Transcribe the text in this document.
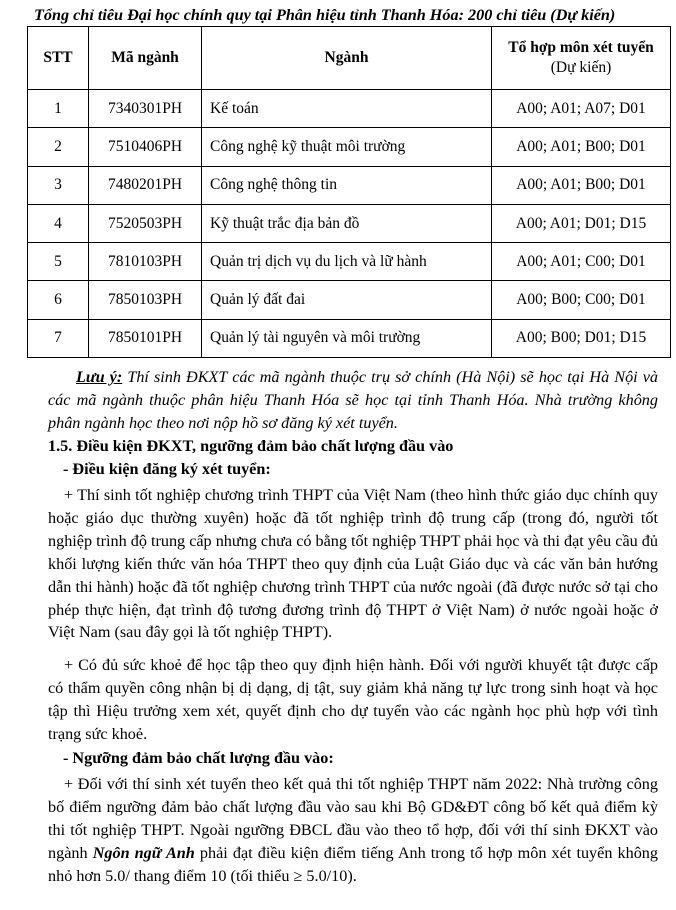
Tổng chỉ tiêu Đại học chính quy tại Phân hiệu tỉnh Thanh Hóa: 200 chỉ tiêu (Dự kiến)
STT	Mã ngành	Ngành	Tổ hợp môn xét tuyển
(Dự kiến)

1	7340301PH	Kế toán	A00; A01; A07; D01
2	7510406PH	Công nghệ kỹ thuật môi trường	A00; A01; B00; D01
3	7480201PH	Công nghệ thông tin	A00; A01; B00; D01
4	7520503PH	Kỹ thuật trắc địa bản đồ	A00; A01; D01; D15
5	7810103PH	Quản trị dịch vụ du lịch và lữ hành	A00; A01; C00; D01
6	7850103PH	Quản lý đất đai	A00; B00; C00; D01
7	7850101PH	Quản lý tài nguyên và môi trường	A00; B00; D01; D15
Lưu ý: Thí sinh ĐKXT các mã ngành thuộc trụ sở chính (Hà Nội) sẽ học tại Hà Nội và các mã ngành thuộc phân hiệu Thanh Hóa sẽ học tại tỉnh Thanh Hóa. Nhà trường không phân ngành học theo nơi nộp hồ sơ đăng ký xét tuyển.
1.5. Điều kiện ĐKXT, ngưỡng đảm bảo chất lượng đầu vào
- Điều kiện đăng ký xét tuyển:
+ Thí sinh tốt nghiệp chương trình THPT của Việt Nam (theo hình thức giáo dục chính quy hoặc giáo dục thường xuyên) hoặc đã tốt nghiệp trình độ trung cấp (trong đó, người tốt nghiệp trình độ trung cấp nhưng chưa có bằng tốt nghiệp THPT phải học và thi đạt yêu cầu đủ khối lượng kiến thức văn hóa THPT theo quy định của Luật Giáo dục và các văn bản hướng dẫn thi hành) hoặc đã tốt nghiệp chương trình THPT của nước ngoài (đã được nước sở tại cho phép thực hiện, đạt trình độ tương đương trình độ THPT ở Việt Nam) ở nước ngoài hoặc ở Việt Nam (sau đây gọi là tốt nghiệp THPT).
+ Có đủ sức khoẻ để học tập theo quy định hiện hành. Đối với người khuyết tật được cấp có thẩm quyền công nhận bị dị dạng, dị tật, suy giảm khả năng tự lực trong sinh hoạt và học tập thì Hiệu trưởng xem xét, quyết định cho dự tuyển vào các ngành học phù hợp với tình trạng sức khoẻ.
- Ngưỡng đảm bảo chất lượng đầu vào:
+ Đối với thí sinh xét tuyển theo kết quả thi tốt nghiệp THPT năm 2022: Nhà trường công bố điểm ngưỡng đảm bảo chất lượng đầu vào sau khi Bộ GD&ĐT công bố kết quả điểm kỳ thi tốt nghiệp THPT. Ngoài ngưỡng ĐBCL đầu vào theo tổ hợp, đối với thí sinh ĐKXT vào ngành Ngôn ngữ Anh phải đạt điều kiện điểm tiếng Anh trong tổ hợp môn xét tuyển không nhỏ hơn 5.0/ thang điểm 10 (tối thiểu ≥ 5.0/10).
